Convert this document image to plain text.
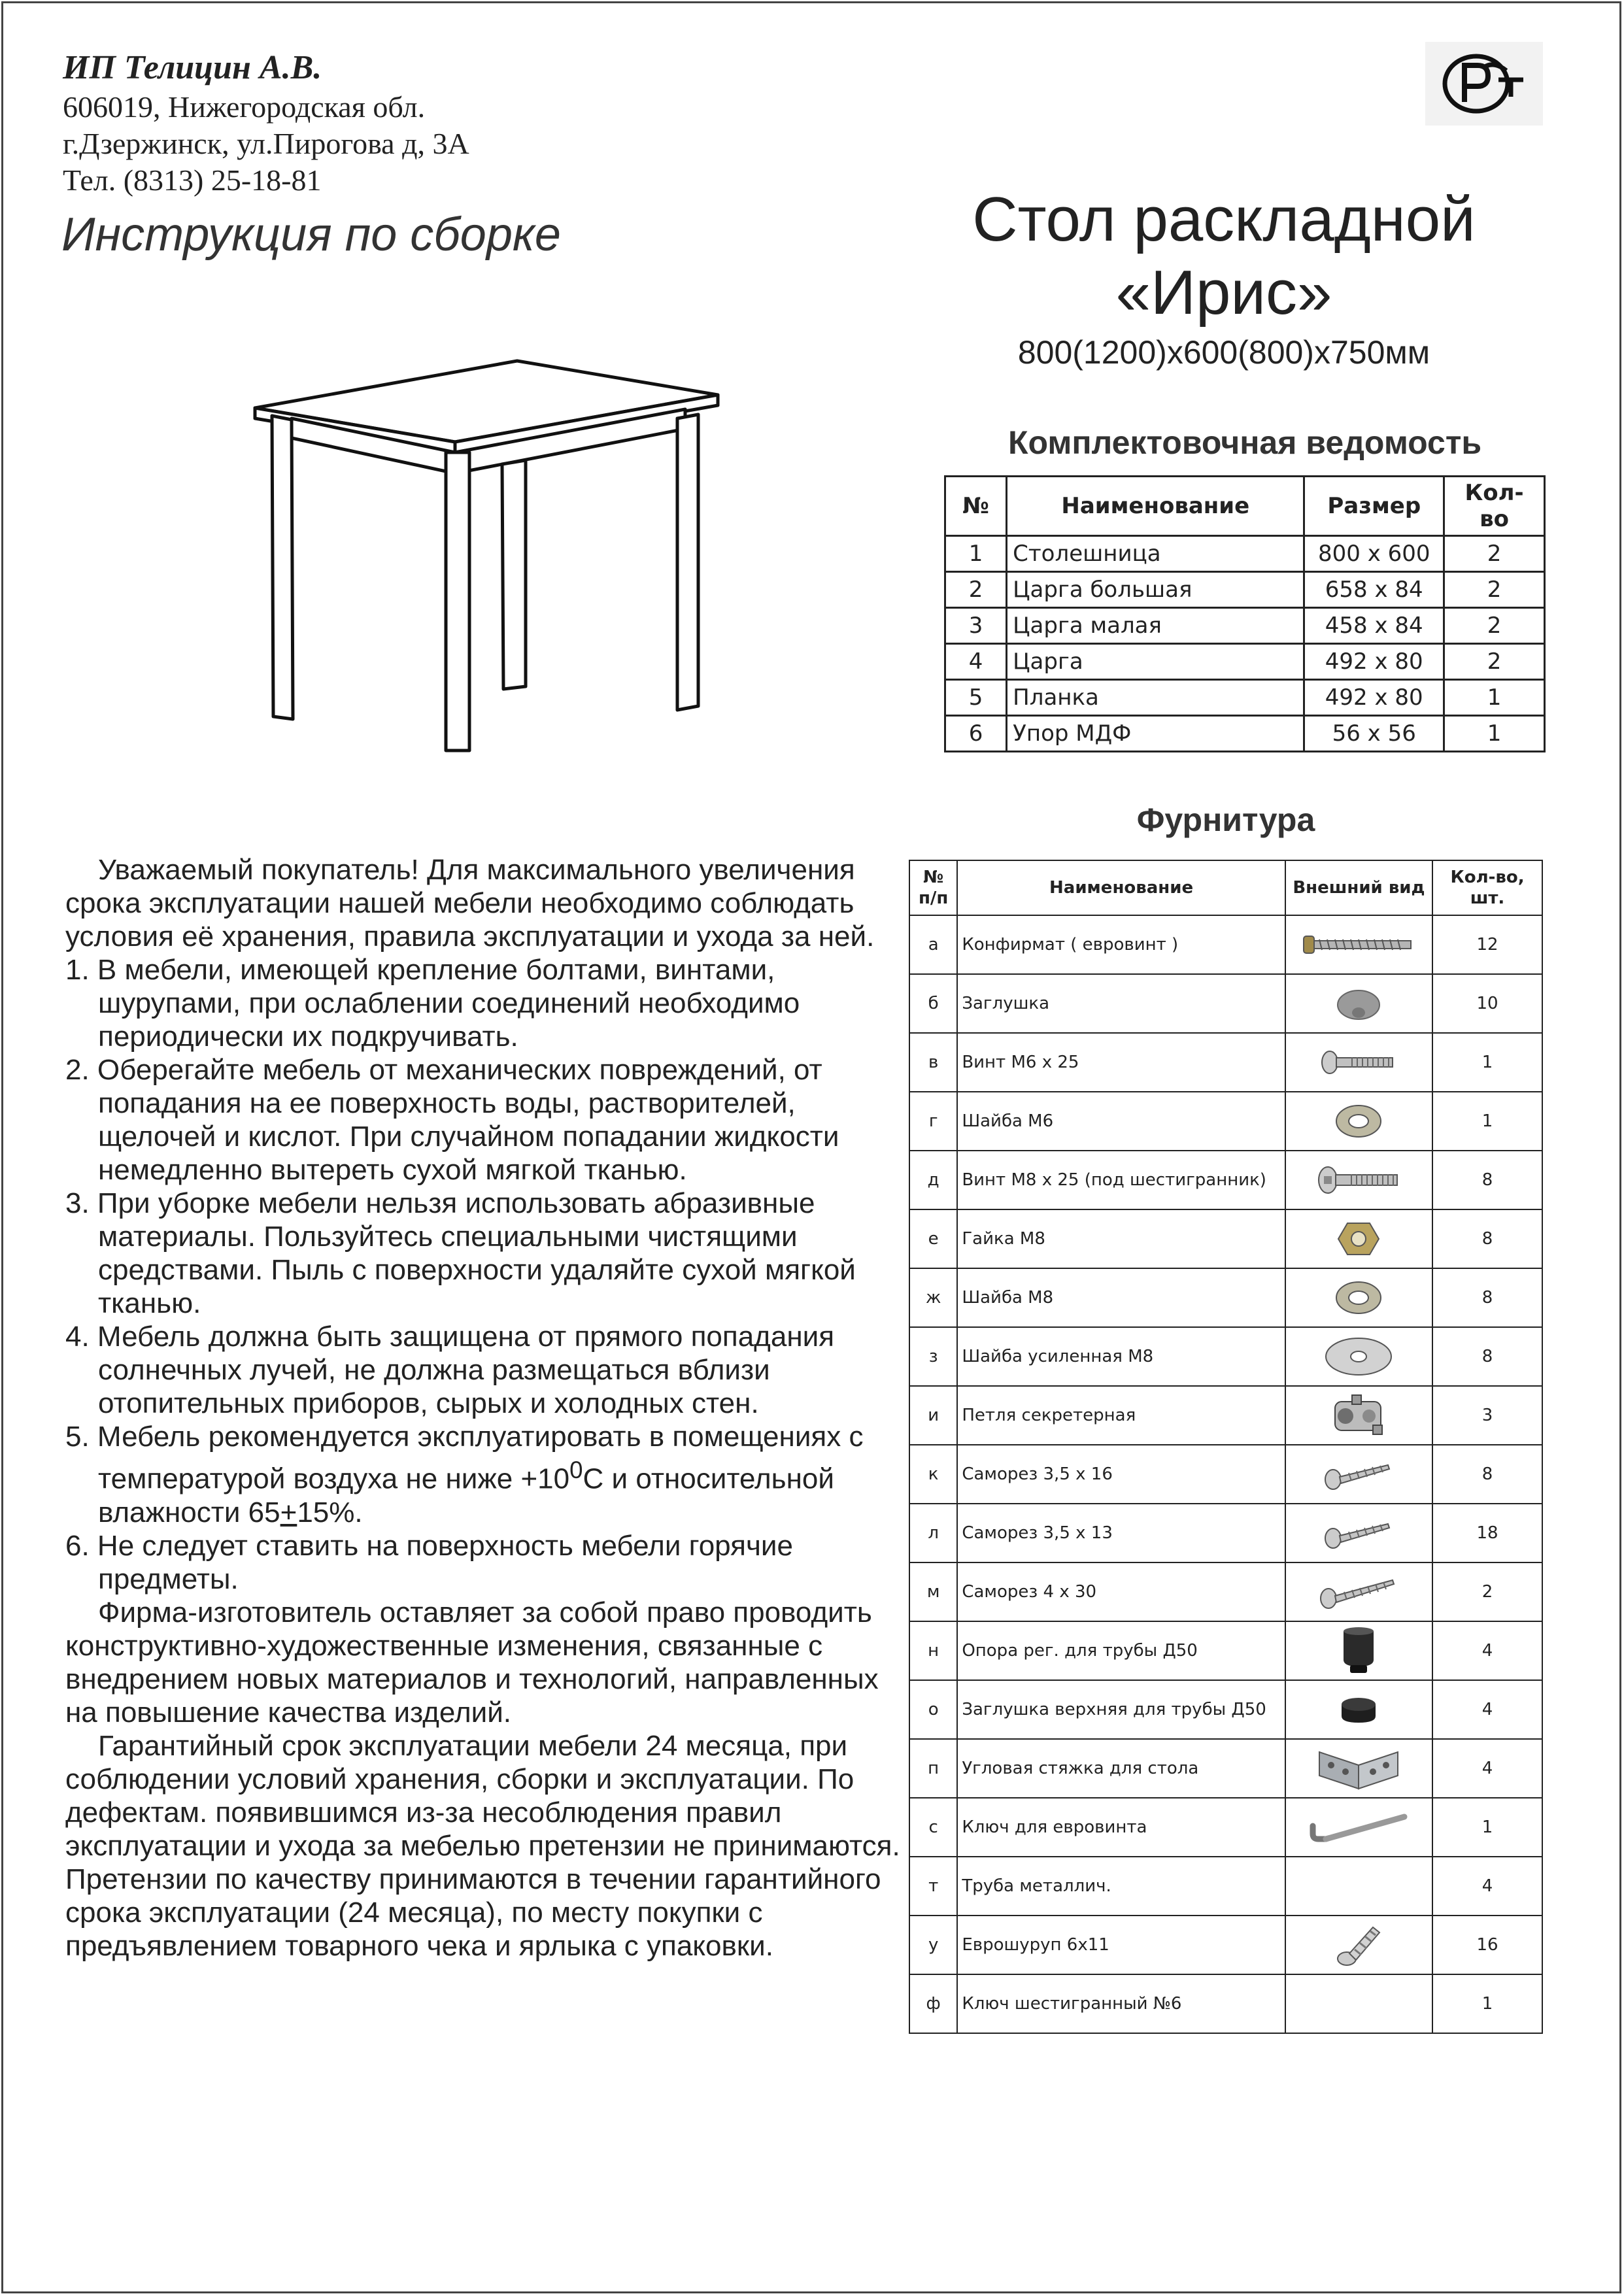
ИП Телицин А.В.
606019, Нижегородская обл.
г.Дзержинск, ул.Пирогова д, 3А
Тел. (8313) 25-18-81
Инструкция по сборке	Стол раскладной
«Ирис»
800(1200)x600(800)x750мм
Комплектовочная ведомость
№	Наименование	Размер	Кол-во
1	Столешница	800 x 600	2
2	Царга большая	658 x 84	2
3	Царга малая	458 x 84	2
4	Царга	492 x 80	2
5	Планка	492 x 80	1
6	Упор МДФ	56 x 56	1
Фурнитура
№ п/п	Наименование	Внешний вид	Кол-во, шт.
а	Конфирмат ( евровинт )		12
б	Заглушка		10
в	Винт М6 х 25		1
г	Шайба М6		1
д	Винт М8 х 25 (под шестигранник)		8
е	Гайка М8		8
ж	Шайба М8		8
з	Шайба усиленная М8		8
и	Петля секретерная		3
к	Саморез 3,5 х 16		8
л	Саморез 3,5 х 13		18
м	Саморез 4 х 30		2
н	Опора рег. для трубы Д50		4
о	Заглушка верхняя для трубы Д50		4
п	Угловая стяжка для стола		4
с	Ключ для евровинта		1
т	Труба металлич.		4
у	Еврошуруп 6х11		16
ф	Ключ шестигранный №6		1

Уважаемый покупатель! Для максимального увеличения срока эксплуатации нашей мебели необходимо соблюдать условия её хранения, правила эксплуатации и ухода за ней.

1. В мебели, имеющей крепление болтами, винтами, шурупами, при ослаблении соединений необходимо периодически их подкручивать.
2. Оберегайте мебель от механических повреждений, от попадания на ее поверхность воды, растворителей, щелочей и кислот. При случайном попадании жидкости немедленно вытереть сухой мягкой тканью.
3. При уборке мебели нельзя использовать абразивные материалы. Пользуйтесь специальными чистящими средствами. Пыль с поверхности удаляйте сухой мягкой тканью.
4. Мебель должна быть защищена от прямого попадания солнечных лучей, не должна размещаться вблизи отопительных приборов, сырых и холодных стен.
5. Мебель рекомендуется эксплуатировать в помещениях с температурой воздуха не ниже $+10^0С$ и относительной влажности 65+15%.
6. Не следует ставить на поверхность мебели горячие предметы.

Фирма-изготовитель оставляет за собой право проводить конструктивно-художественные изменения, связанные с внедрением новых материалов и технологий, направленных на повышение качества изделий.

Гарантийный срок эксплуатации мебели 24 месяца, при соблюдении условий хранения, сборки и эксплуатации. По дефектам. появившимся из-за несоблюдения правил эксплуатации и ухода за мебелью претензии не принимаются. Претензии по качеству принимаются в течении гарантийного срока эксплуатации (24 месяца), по месту покупки с предъявлением товарного чека и ярлыка с упаковки.
